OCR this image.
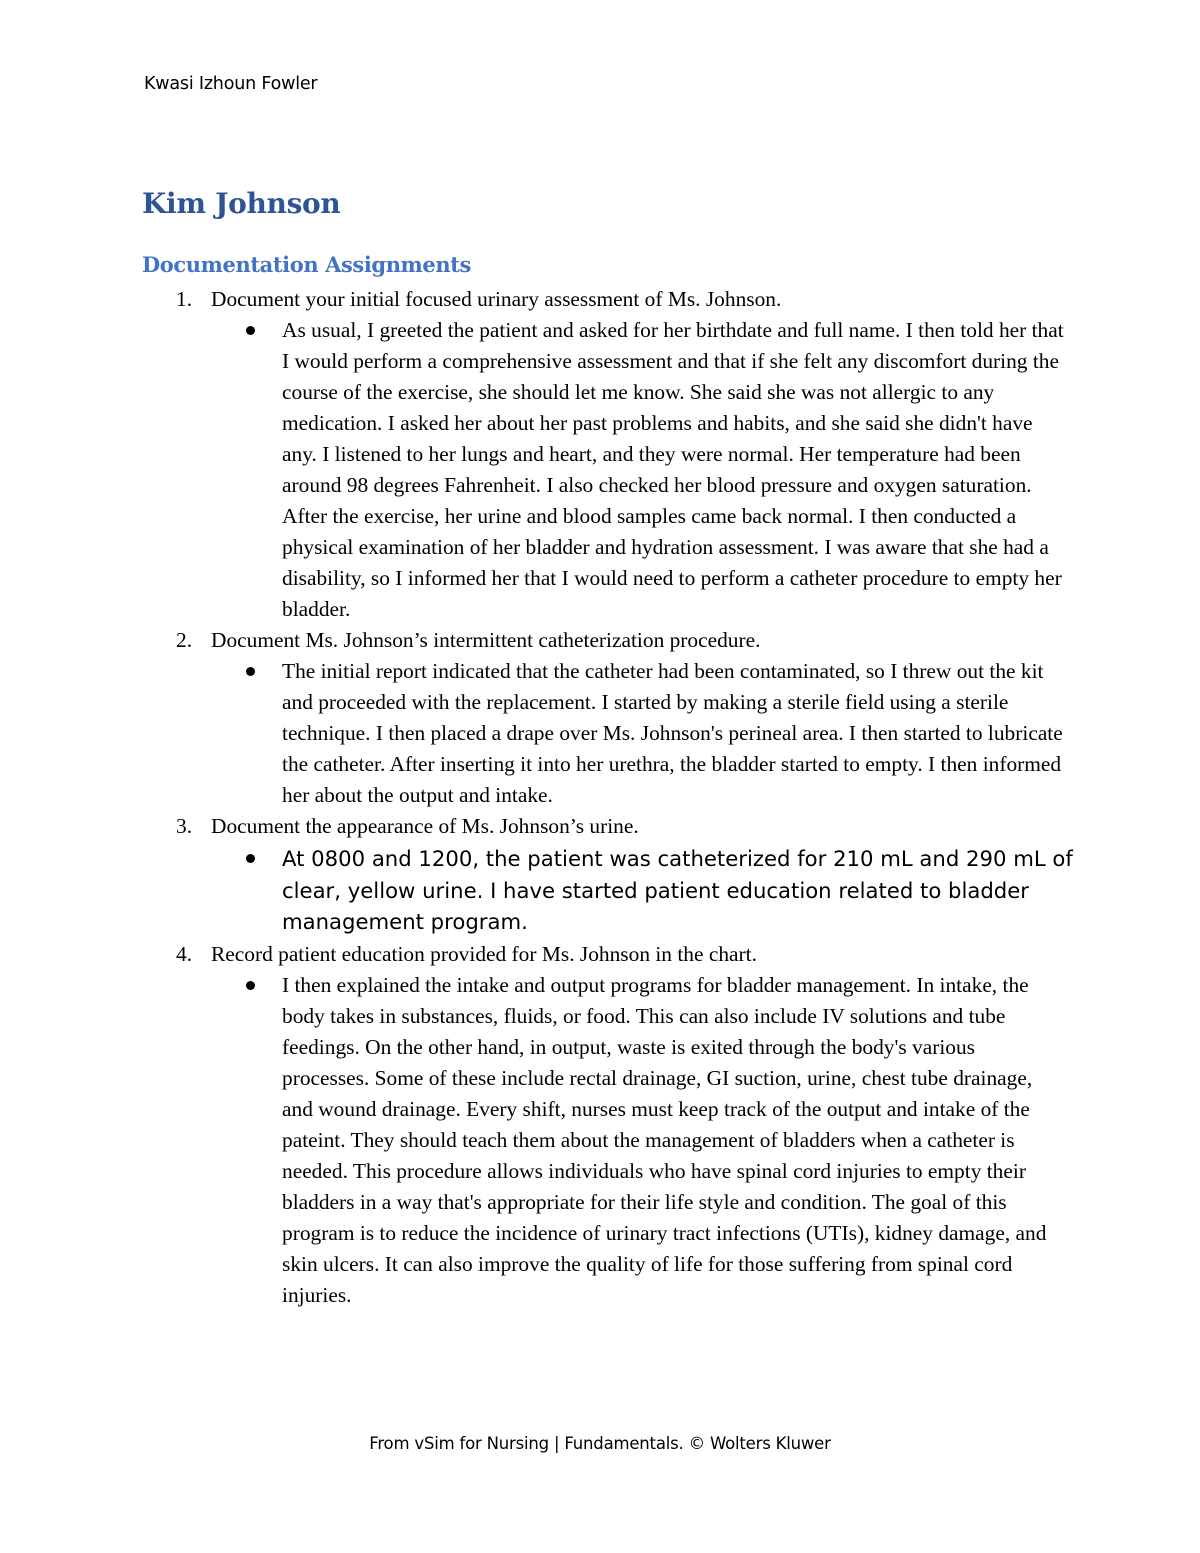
Kwasi Izhoun Fowler
Kim Johnson
Documentation Assignments
1. Document your initial focused urinary assessment of Ms. Johnson.
As usual, I greeted the patient and asked for her birthdate and full name. I then told her that I would perform a comprehensive assessment and that if she felt any discomfort during the course of the exercise, she should let me know. She said she was not allergic to any medication. I asked her about her past problems and habits, and she said she didn't have any. I listened to her lungs and heart, and they were normal. Her temperature had been around 98 degrees Fahrenheit. I also checked her blood pressure and oxygen saturation. After the exercise, her urine and blood samples came back normal. I then conducted a physical examination of her bladder and hydration assessment. I was aware that she had a disability, so I informed her that I would need to perform a catheter procedure to empty her bladder.
2. Document Ms. Johnson’s intermittent catheterization procedure.
The initial report indicated that the catheter had been contaminated, so I threw out the kit and proceeded with the replacement. I started by making a sterile field using a sterile technique. I then placed a drape over Ms. Johnson's perineal area. I then started to lubricate the catheter. After inserting it into her urethra, the bladder started to empty. I then informed her about the output and intake.
3. Document the appearance of Ms. Johnson’s urine.
At 0800 and 1200, the patient was catheterized for 210 mL and 290 mL of clear, yellow urine. I have started patient education related to bladder management program.
4. Record patient education provided for Ms. Johnson in the chart.
I then explained the intake and output programs for bladder management. In intake, the body takes in substances, fluids, or food. This can also include IV solutions and tube feedings. On the other hand, in output, waste is exited through the body's various processes. Some of these include rectal drainage, GI suction, urine, chest tube drainage, and wound drainage. Every shift, nurses must keep track of the output and intake of the pateint. They should teach them about the management of bladders when a catheter is needed. This procedure allows individuals who have spinal cord injuries to empty their bladders in a way that's appropriate for their life style and condition. The goal of this program is to reduce the incidence of urinary tract infections (UTIs), kidney damage, and skin ulcers. It can also improve the quality of life for those suffering from spinal cord injuries.
From vSim for Nursing | Fundamentals. © Wolters Kluwer
